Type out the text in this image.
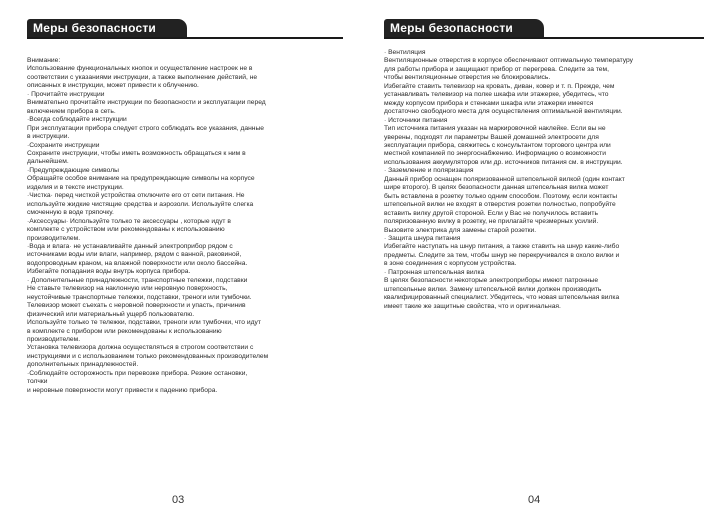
Меры безопасности

Внимание:

Использование функциональных кнопок и осуществление настроек не в

соответствии с указаниями инструкции, а также выполнение действий, не

описанных в инструкции, может привести к облучению.

· Прочитайте инструкции

Внимательно прочитайте инструкции по безопасности и эксплуатации перед

включением прибора в сеть.

·Всегда соблюдайте инструкции

При эксплуатации прибора следует строго соблюдать все указания, данные

в инструкции.

·Сохраните инструкции

Сохраните инструкции, чтобы иметь возможность обращаться к ним в

дальнейшем.

·Предупреждающие символы

Обращайте особое внимание на предупреждающие символы на корпусе

изделия и в тексте инструкции.

·Чистка· перед чисткой устройства отключите его от сети питания. Не

используйте жидкие чистящие средства и аэрозоли. Используйте слегка

смоченную в воде тряпочку.

·Аксессуары· Используйте только те аксессуары , которые идут в

комплекте с устройством или рекомендованы к использованию

производителем.

·Вода и влага· не устанавливайте данный электроприбор рядом с

источниками воды или влаги, например, рядом с ванной, раковиной,

водопроводным краном, на влажной поверхности или около бассейна.

Избегайте попадания воды внутрь корпуса прибора.

· Дополнительные принадлежности, транспортные тележки, подставки

Не ставьте телевизор на наклонную или неровную поверхность,

неустойчивые транспортные тележки, подставки, треноги или тумбочки.

Телевизор может съехать с неровной поверхности и упасть, причинив

физический или материальный ущерб пользователю.

Используйте только те тележки, подставки, треноги или тумбочки, что идут

в комплекте с прибором или рекомендованы к использованию

производителем.

Установка телевизора должна осуществляться в строгом соответствии с

инструкциями и с использованием только рекомендованных производителем

дополнительных принадлежностей.

·Соблюдайте осторожность при перевозке прибора. Резкие остановки,

толчки

и неровные поверхности могут привести к падению прибора.

03
Меры безопасности

· Вентиляция

Вентиляционные отверстия в корпусе обеспечивают оптимальную температуру

для работы прибора и защищают прибор от перегрева. Следите за тем,

чтобы вентиляционные отверстия не блокировались.

Избегайте ставить телевизор на кровать, диван, ковер и т. п. Прежде, чем

устанавливать телевизор на полке шкафа или этажерке, убедитесь, что

между корпусом прибора и стенками шкафа или этажерки имеется

достаточно свободного места для осуществления оптимальной вентиляции.

· Источники питания

Тип источника питания указан на маркировочной наклейке. Если вы не

уверены, подходят ли параметры Вашей домашней электросети для

эксплуатации прибора, свяжитесь с консультантом торгового центра или

местной компанией по энергоснабжению. Информацию о возможности

использования аккумуляторов или др. источников питания см. в инструкции.

· Заземление и поляризация

Данный прибор оснащен поляризованной штепсельной вилкой (один контакт

шире второго). В целях безопасности данная штепсельная вилка может

быть вставлена в розетку только одним способом. Поэтому, если контакты

штепсельной вилки не входят в отверстия розетки полностью, попробуйте

вставить вилку другой стороной. Если у Вас не получилось вставить

поляризованную вилку в розетку, не прилагайте чрезмерных усилий.

Вызовите электрика для замены старой розетки.

· Защита шнура питания

Избегайте наступать на шнур питания, а также ставить на шнур какие-либо

предметы. Следите за тем, чтобы шнур не перекручивался в охоло вилки и

в зоне соединения с корпусом устройства.

· Патронная штепсельная вилка

В целях безопасности некоторые электроприборы имеют патронные

штепсельные вилки. Замену штепсельной вилки должен производить

квалифицированный специалист. Убедитесь, что новая штепсельная вилка

имеет такие же защитные свойства, что и оригинальная.

04
